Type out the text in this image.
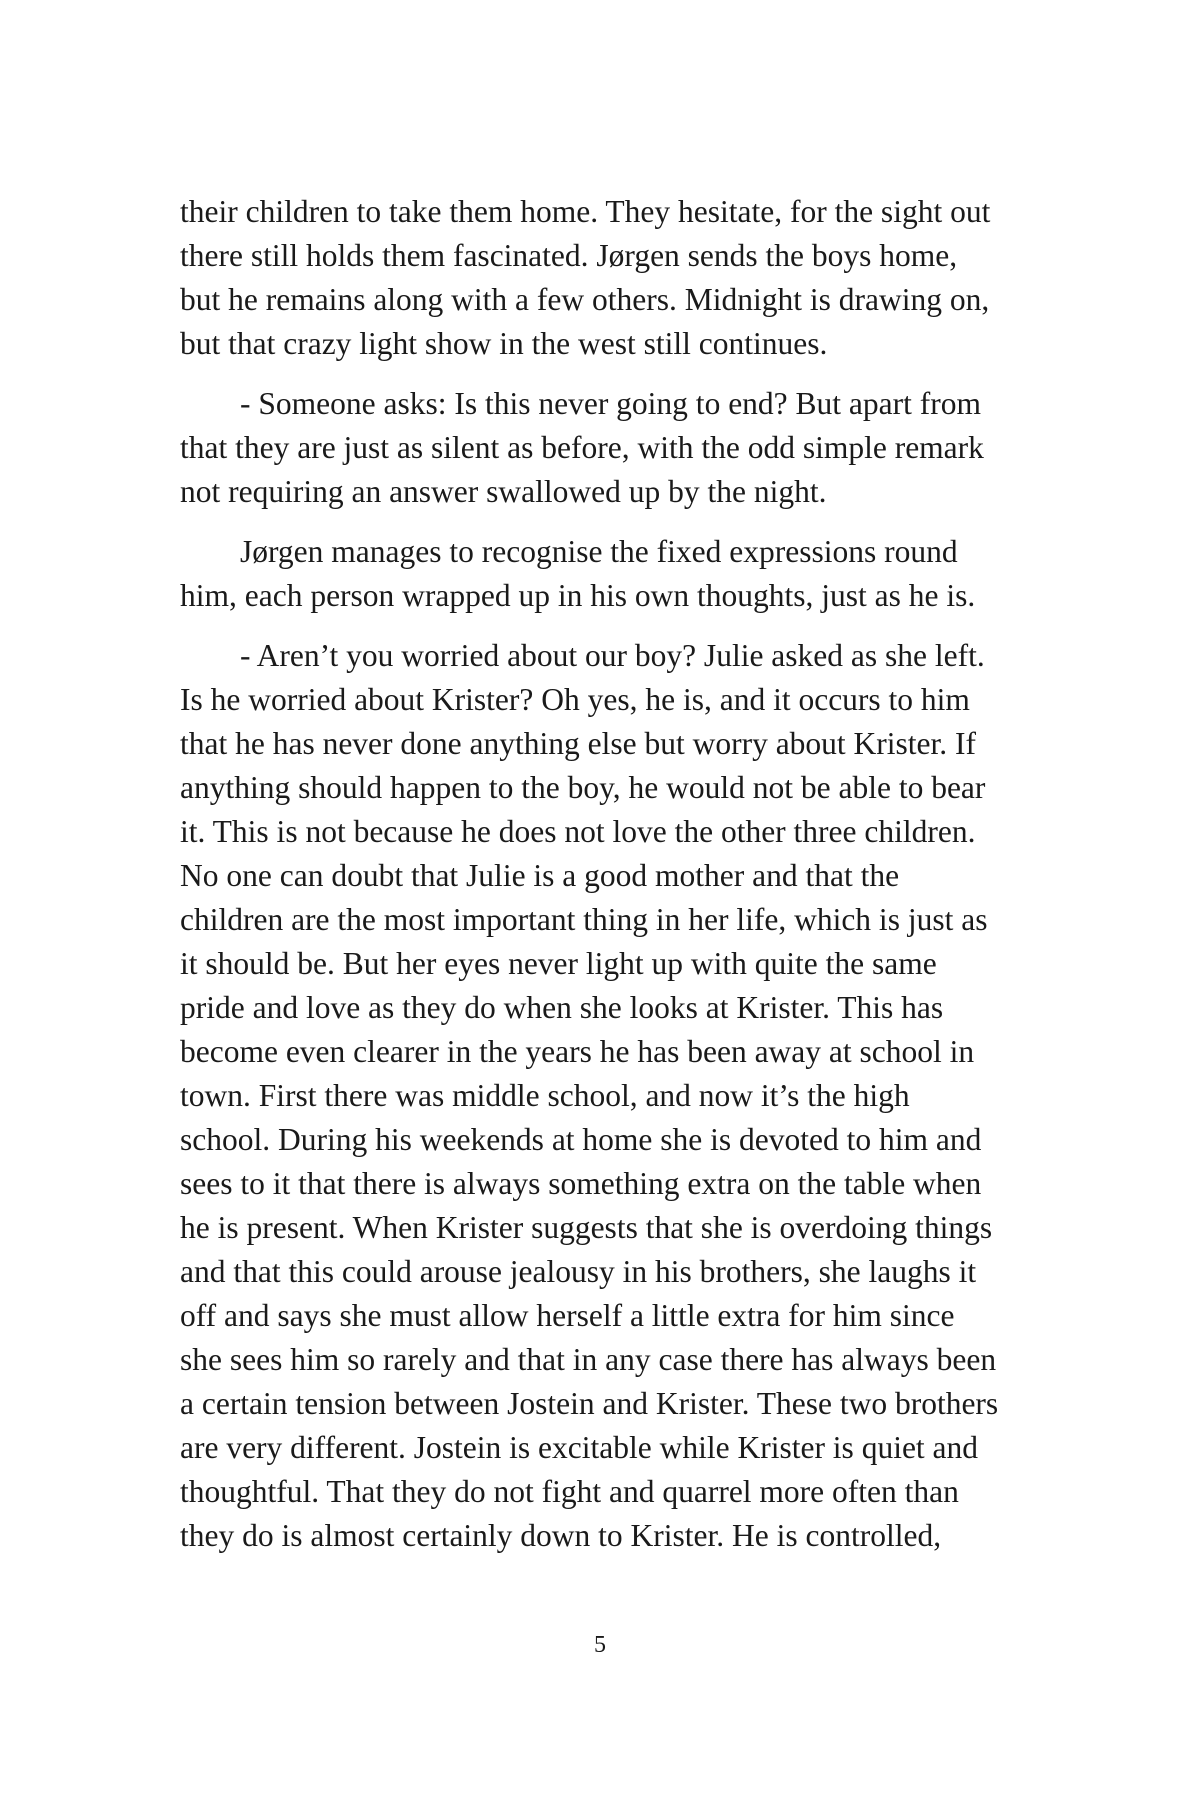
their children to take them home. They hesitate, for the sight out
there still holds them fascinated. Jørgen sends the boys home,
but he remains along with a few others. Midnight is drawing on,
but that crazy light show in the west still continues.

- Someone asks: Is this never going to end? But apart from
that they are just as silent as before, with the odd simple remark
not requiring an answer swallowed up by the night.

Jørgen manages to recognise the fixed expressions round
him, each person wrapped up in his own thoughts, just as he is.

- Aren’t you worried about our boy? Julie asked as she left.
Is he worried about Krister? Oh yes, he is, and it occurs to him
that he has never done anything else but worry about Krister. If
anything should happen to the boy, he would not be able to bear
it. This is not because he does not love the other three children.
No one can doubt that Julie is a good mother and that the
children are the most important thing in her life, which is just as
it should be. But her eyes never light up with quite the same
pride and love as they do when she looks at Krister. This has
become even clearer in the years he has been away at school in
town. First there was middle school, and now it’s the high
school. During his weekends at home she is devoted to him and
sees to it that there is always something extra on the table when
he is present. When Krister suggests that she is overdoing things
and that this could arouse jealousy in his brothers, she laughs it
off and says she must allow herself a little extra for him since
she sees him so rarely and that in any case there has always been
a certain tension between Jostein and Krister. These two brothers
are very different. Jostein is excitable while Krister is quiet and
thoughtful. That they do not fight and quarrel more often than
they do is almost certainly down to Krister. He is controlled,

5
